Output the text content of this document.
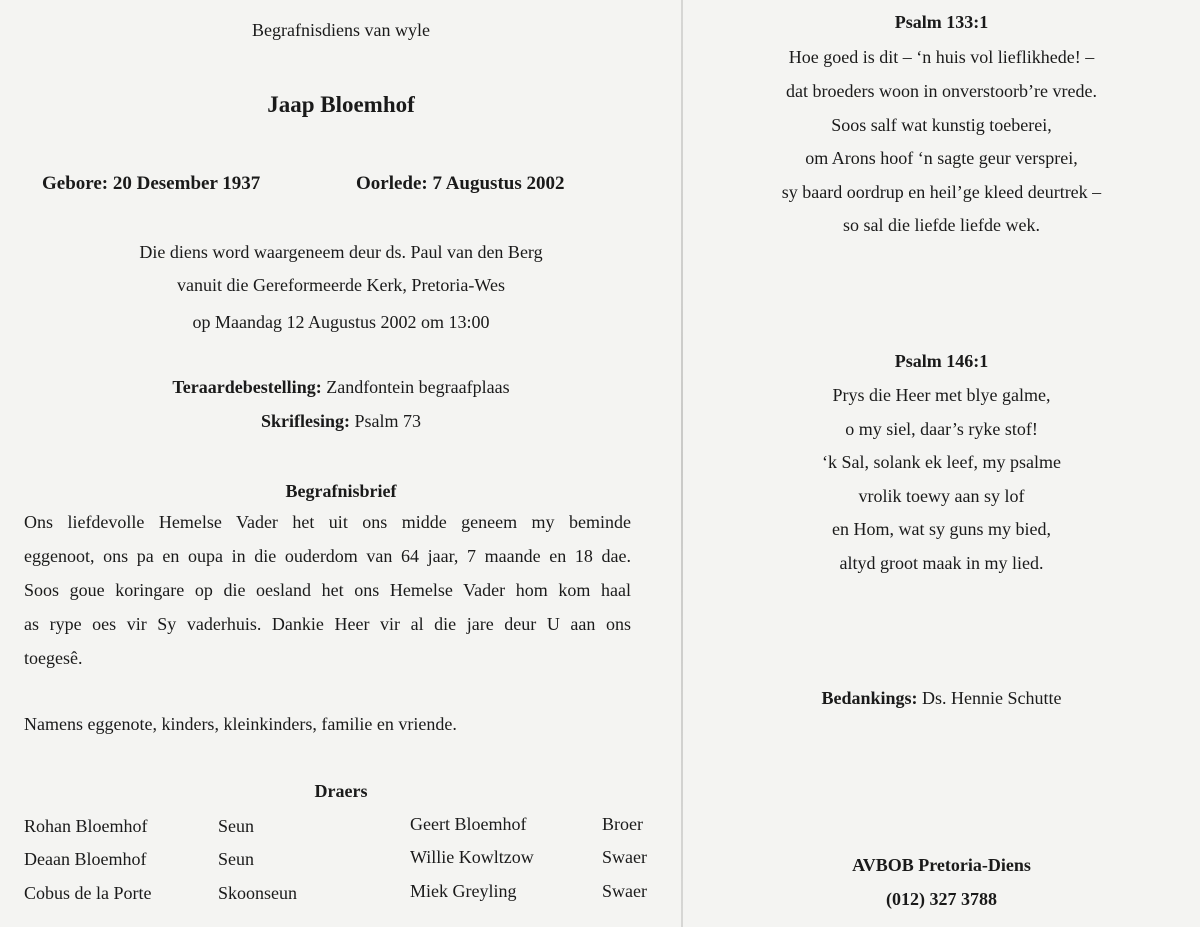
Begrafnisdiens van wyle
Jaap Bloemhof
Gebore: 20 Desember 1937	Oorlede: 7 Augustus 2002
Die diens word waargeneem deur ds. Paul van den Berg
vanuit die Gereformeerde Kerk, Pretoria-Wes
op Maandag 12 Augustus 2002 om 13:00
Teraardebestelling: Zandfontein begraafplaas
Skriflesing: Psalm 73
Begrafnisbrief
Ons liefdevolle Hemelse Vader het uit ons midde geneem my beminde
eggenoot, ons pa en oupa in die ouderdom van 64 jaar, 7 maande en 18 dae.
Soos goue koringare op die oesland het ons Hemelse Vader hom kom haal
as rype oes vir Sy vaderhuis. Dankie Heer vir al die jare deur U aan ons
toegesê.
Namens eggenote, kinders, kleinkinders, familie en vriende.
Draers
Rohan Bloemhof	Seun	Geert Bloemhof	Broer
Deaan Bloemhof	Seun	Willie Kowltzow	Swaer
Cobus de la Porte	Skoonseun	Miek Greyling	Swaer
Psalm 133:1
Hoe goed is dit – ‘n huis vol lieflikhede! –
dat broeders woon in onverstoorb’re vrede.
Soos salf wat kunstig toeberei,
om Arons hoof ‘n sagte geur versprei,
sy baard oordrup en heil’ge kleed deurtrek –
so sal die liefde liefde wek.
Psalm 146:1
Prys die Heer met blye galme,
o my siel, daar’s ryke stof!
‘k Sal, solank ek leef, my psalme
vrolik toewy aan sy lof
en Hom, wat sy guns my bied,
altyd groot maak in my lied.
Bedankings: Ds. Hennie Schutte
AVBOB Pretoria-Diens
(012) 327 3788
